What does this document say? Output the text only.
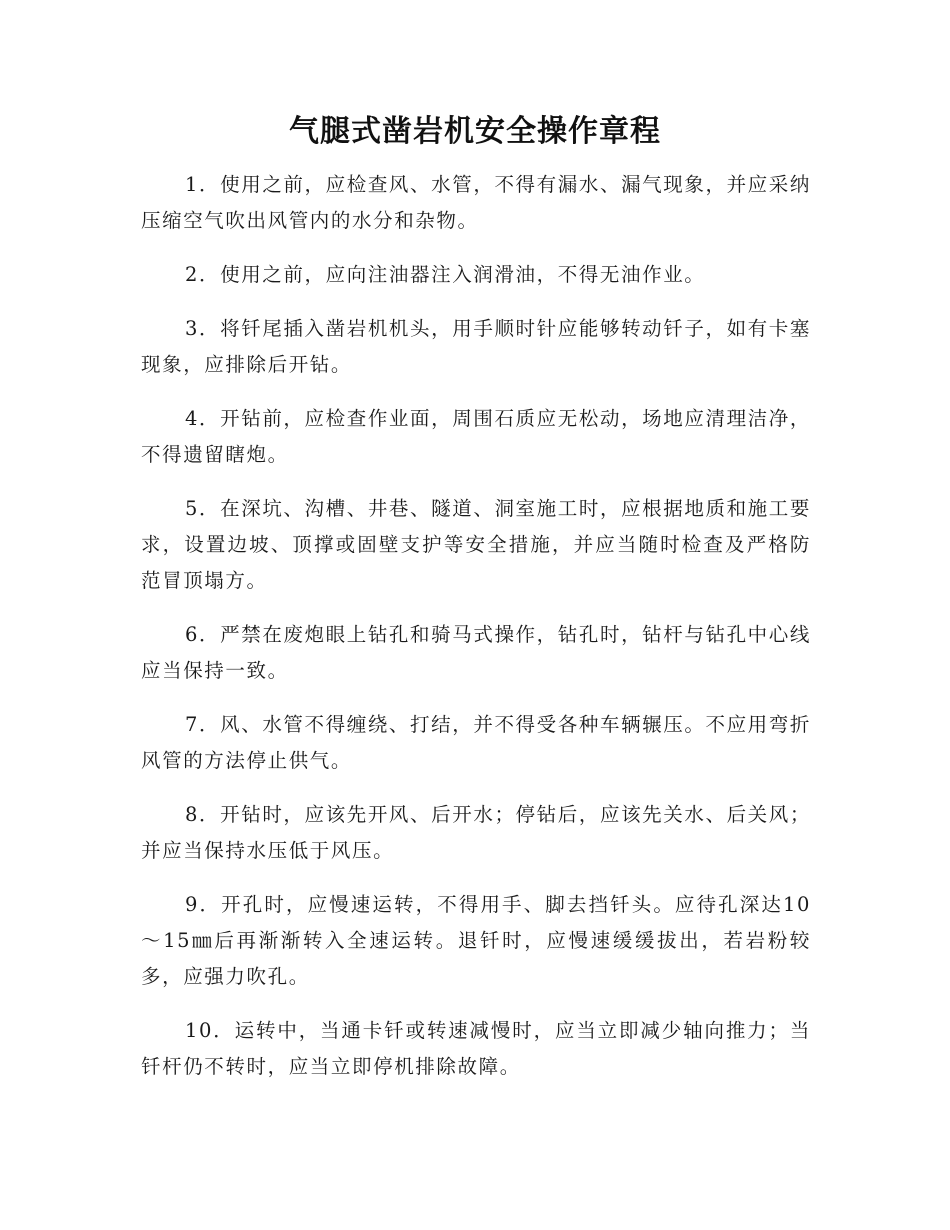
气腿式凿岩机安全操作章程

1．使用之前，应检查风、水管，不得有漏水、漏气现象，并应采纳压缩空气吹出风管内的水分和杂物。

2．使用之前，应向注油器注入润滑油，不得无油作业。

3．将钎尾插入凿岩机机头，用手顺时针应能够转动钎子，如有卡塞现象，应排除后开钻。

4．开钻前，应检查作业面，周围石质应无松动，场地应清理洁净，不得遗留瞎炮。

5．在深坑、沟槽、井巷、隧道、洞室施工时，应根据地质和施工要求，设置边坡、顶撑或固壁支护等安全措施，并应当随时检查及严格防范冒顶塌方。

6．严禁在废炮眼上钻孔和骑马式操作，钻孔时，钻杆与钻孔中心线应当保持一致。

7．风、水管不得缠绕、打结，并不得受各种车辆辗压。不应用弯折风管的方法停止供气。

8．开钻时，应该先开风、后开水；停钻后，应该先关水、后关风；并应当保持水压低于风压。

9．开孔时，应慢速运转，不得用手、脚去挡钎头。应待孔深达10～15㎜后再渐渐转入全速运转。退钎时，应慢速缓缓拔出，若岩粉较多，应强力吹孔。

10．运转中，当通卡钎或转速减慢时，应当立即减少轴向推力；当钎杆仍不转时，应当立即停机排除故障。
